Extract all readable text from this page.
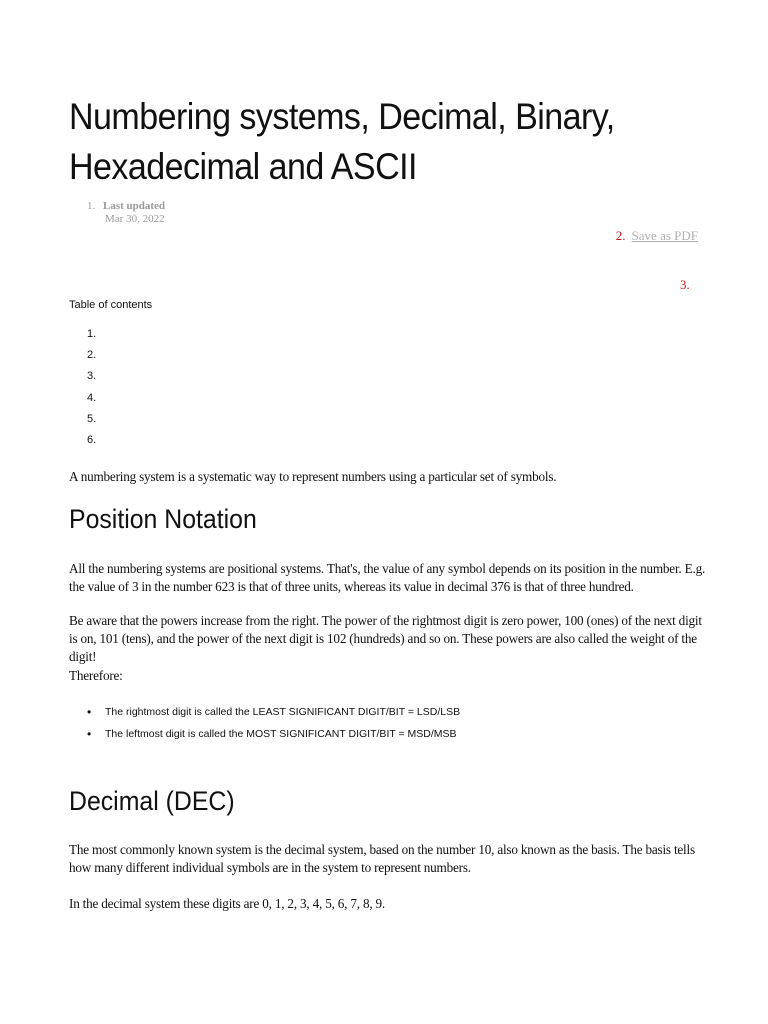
Numbering systems, Decimal, Binary, Hexadecimal and ASCII
1. Last updated
Mar 30, 2022
2. Save as PDF
3.
Table of contents
1.
2.
3.
4.
5.
6.
A numbering system is a systematic way to represent numbers using a particular set of symbols.
Position Notation
All the numbering systems are positional systems. That's, the value of any symbol depends on its position in the number. E.g. the value of 3 in the number 623 is that of three units, whereas its value in decimal 376 is that of three hundred.
Be aware that the powers increase from the right. The power of the rightmost digit is zero power, 100 (ones) of the next digit is on, 101 (tens), and the power of the next digit is 102 (hundreds) and so on. These powers are also called the weight of the digit!
Therefore:
• The rightmost digit is called the LEAST SIGNIFICANT DIGIT/BIT = LSD/LSB
• The leftmost digit is called the MOST SIGNIFICANT DIGIT/BIT = MSD/MSB
Decimal (DEC)
The most commonly known system is the decimal system, based on the number 10, also known as the basis. The basis tells how many different individual symbols are in the system to represent numbers.
In the decimal system these digits are 0, 1, 2, 3, 4, 5, 6, 7, 8, 9.
